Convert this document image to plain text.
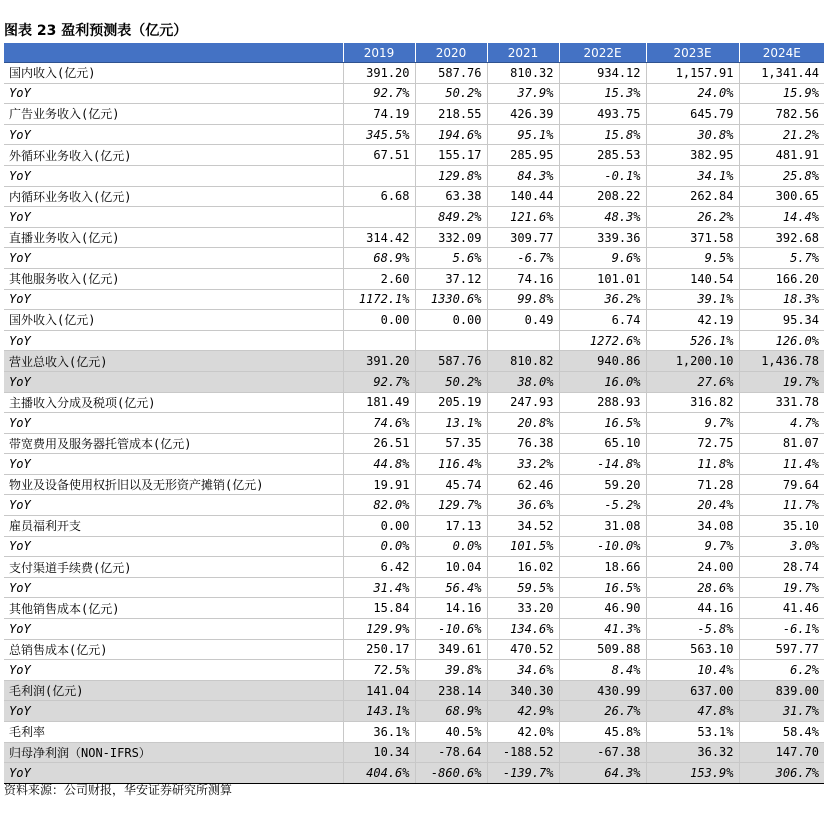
图表 23 盈利预测表（亿元）
	2019	2020	2021	2022E	2023E	2024E
国内收入(亿元)	391.20	587.76	810.32	934.12	1,157.91	1,341.44
YoY	92.7%	50.2%	37.9%	15.3%	24.0%	15.9%
广告业务收入(亿元)	74.19	218.55	426.39	493.75	645.79	782.56
YoY	345.5%	194.6%	95.1%	15.8%	30.8%	21.2%
外循环业务收入(亿元)	67.51	155.17	285.95	285.53	382.95	481.91
YoY		129.8%	84.3%	-0.1%	34.1%	25.8%
内循环业务收入(亿元)	6.68	63.38	140.44	208.22	262.84	300.65
YoY		849.2%	121.6%	48.3%	26.2%	14.4%
直播业务收入(亿元)	314.42	332.09	309.77	339.36	371.58	392.68
YoY	68.9%	5.6%	-6.7%	9.6%	9.5%	5.7%
其他服务收入(亿元)	2.60	37.12	74.16	101.01	140.54	166.20
YoY	1172.1%	1330.6%	99.8%	36.2%	39.1%	18.3%
国外收入(亿元)	0.00	0.00	0.49	6.74	42.19	95.34
YoY				1272.6%	526.1%	126.0%
营业总收入(亿元)	391.20	587.76	810.82	940.86	1,200.10	1,436.78
YoY	92.7%	50.2%	38.0%	16.0%	27.6%	19.7%
主播收入分成及税项(亿元)	181.49	205.19	247.93	288.93	316.82	331.78
YoY	74.6%	13.1%	20.8%	16.5%	9.7%	4.7%
带宽费用及服务器托管成本(亿元)	26.51	57.35	76.38	65.10	72.75	81.07
YoY	44.8%	116.4%	33.2%	-14.8%	11.8%	11.4%
物业及设备使用权折旧以及无形资产摊销(亿元)	19.91	45.74	62.46	59.20	71.28	79.64
YoY	82.0%	129.7%	36.6%	-5.2%	20.4%	11.7%
雇员福利开支	0.00	17.13	34.52	31.08	34.08	35.10
YoY	0.0%	0.0%	101.5%	-10.0%	9.7%	3.0%
支付渠道手续费(亿元)	6.42	10.04	16.02	18.66	24.00	28.74
YoY	31.4%	56.4%	59.5%	16.5%	28.6%	19.7%
其他销售成本(亿元)	15.84	14.16	33.20	46.90	44.16	41.46
YoY	129.9%	-10.6%	134.6%	41.3%	-5.8%	-6.1%
总销售成本(亿元)	250.17	349.61	470.52	509.88	563.10	597.77
YoY	72.5%	39.8%	34.6%	8.4%	10.4%	6.2%
毛利润(亿元)	141.04	238.14	340.30	430.99	637.00	839.00
YoY	143.1%	68.9%	42.9%	26.7%	47.8%	31.7%
毛利率	36.1%	40.5%	42.0%	45.8%	53.1%	58.4%
归母净利润（NON-IFRS）	10.34	-78.64	-188.52	-67.38	36.32	147.70
YoY	404.6%	-860.6%	-139.7%	64.3%	153.9%	306.7%
资料来源：公司财报，华安证券研究所测算
